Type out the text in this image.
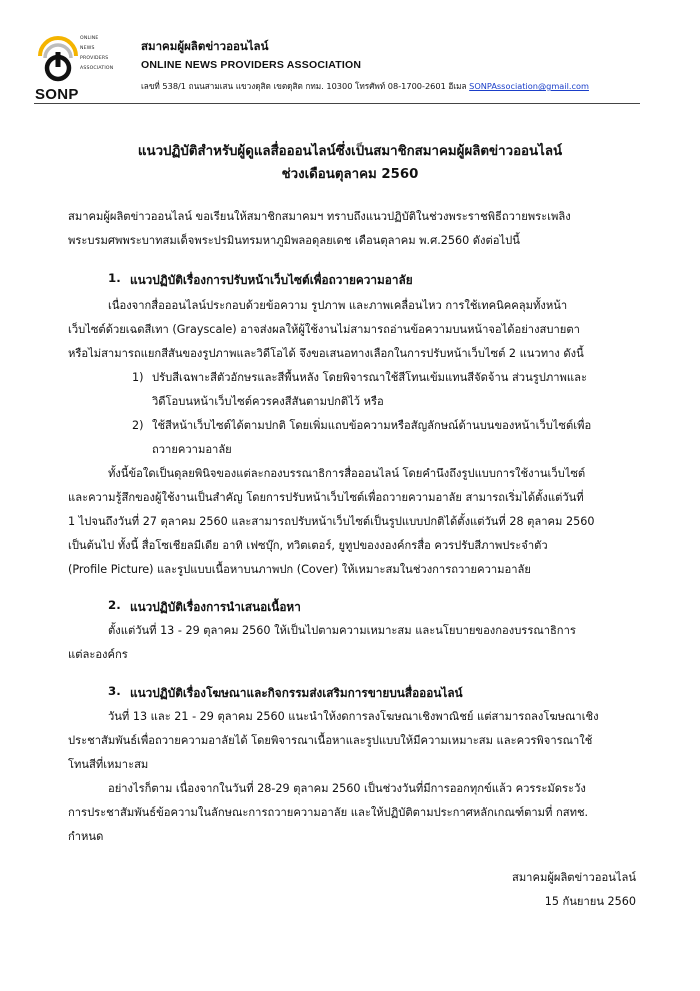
ONLINE
NEWS
PROVIDERS
ASSOCIATION
SONP
สมาคมผู้ผลิตข่าวออนไลน์
ONLINE NEWS PROVIDERS ASSOCIATION
เลขที่ 538/1 ถนนสามเสน แขวงดุสิต เขตดุสิต กทม. 10300 โทรศัพท์ 08-1700-2601 อีเมล SONPAssociation@gmail.com
แนวปฏิบัติสำหรับผู้ดูแลสื่อออนไลน์ซึ่งเป็นสมาชิกสมาคมผู้ผลิตข่าวออนไลน์
ช่วงเดือนตุลาคม 2560
สมาคมผู้ผลิตข่าวออนไลน์ ขอเรียนให้สมาชิกสมาคมฯ ทราบถึงแนวปฏิบัติในช่วงพระราชพิธีถวายพระเพลิง
พระบรมศพพระบาทสมเด็จพระปรมินทรมหาภูมิพลอดุลยเดช เดือนตุลาคม พ.ศ.2560 ดังต่อไปนี้
1. แนวปฏิบัติเรื่องการปรับหน้าเว็บไซต์เพื่อถวายความอาลัย
เนื่องจากสื่อออนไลน์ประกอบด้วยข้อความ รูปภาพ และภาพเคลื่อนไหว การใช้เทคนิคคลุมทั้งหน้า
เว็บไซต์ด้วยเฉดสีเทา (Grayscale) อาจส่งผลให้ผู้ใช้งานไม่สามารถอ่านข้อความบนหน้าจอได้อย่างสบายตา
หรือไม่สามารถแยกสีสันของรูปภาพและวิดีโอได้ จึงขอเสนอทางเลือกในการปรับหน้าเว็บไซต์ 2 แนวทาง ดังนี้
1) ปรับสีเฉพาะสีตัวอักษรและสีพื้นหลัง โดยพิจารณาใช้สีโทนเข้มแทนสีจัดจ้าน ส่วนรูปภาพและ
วิดีโอบนหน้าเว็บไซต์ควรคงสีสันตามปกติไว้ หรือ
2) ใช้สีหน้าเว็บไซต์ได้ตามปกติ โดยเพิ่มแถบข้อความหรือสัญลักษณ์ด้านบนของหน้าเว็บไซต์เพื่อ
ถวายความอาลัย
ทั้งนี้ข้อใดเป็นดุลยพินิจของแต่ละกองบรรณาธิการสื่อออนไลน์ โดยคำนึงถึงรูปแบบการใช้งานเว็บไซต์
และความรู้สึกของผู้ใช้งานเป็นสำคัญ โดยการปรับหน้าเว็บไซต์เพื่อถวายความอาลัย สามารถเริ่มได้ตั้งแต่วันที่
1 ไปจนถึงวันที่ 27 ตุลาคม 2560 และสามารถปรับหน้าเว็บไซต์เป็นรูปแบบปกติได้ตั้งแต่วันที่ 28 ตุลาคม 2560
เป็นต้นไป ทั้งนี้ สื่อโซเชียลมีเดีย อาทิ เฟซบุ๊ก, ทวิตเตอร์, ยูทูปของงองค์กรสื่อ ควรปรับสีภาพประจำตัว
(Profile Picture) และรูปแบบเนื้อหาบนภาพปก (Cover) ให้เหมาะสมในช่วงการถวายความอาลัย
2. แนวปฏิบัติเรื่องการนำเสนอเนื้อหา
ตั้งแต่วันที่ 13 - 29 ตุลาคม 2560 ให้เป็นไปตามความเหมาะสม และนโยบายของกองบรรณาธิการ
แต่ละองค์กร
3. แนวปฏิบัติเรื่องโฆษณาและกิจกรรมส่งเสริมการขายบนสื่อออนไลน์
วันที่ 13 และ 21 - 29 ตุลาคม 2560 แนะนำให้งดการลงโฆษณาเชิงพาณิชย์ แต่สามารถลงโฆษณาเชิง
ประชาสัมพันธ์เพื่อถวายความอาลัยได้ โดยพิจารณาเนื้อหาและรูปแบบให้มีความเหมาะสม และควรพิจารณาใช้
โทนสีที่เหมาะสม
อย่างไรก็ตาม เนื่องจากในวันที่ 28-29 ตุลาคม 2560 เป็นช่วงวันที่มีการออกทุกข์แล้ว ควรระมัดระวัง
การประชาสัมพันธ์ข้อความในลักษณะการถวายความอาลัย และให้ปฏิบัติตามประกาศหลักเกณฑ์ตามที่ กสทช.
กำหนด
สมาคมผู้ผลิตข่าวออนไลน์
15 กันยายน 2560
